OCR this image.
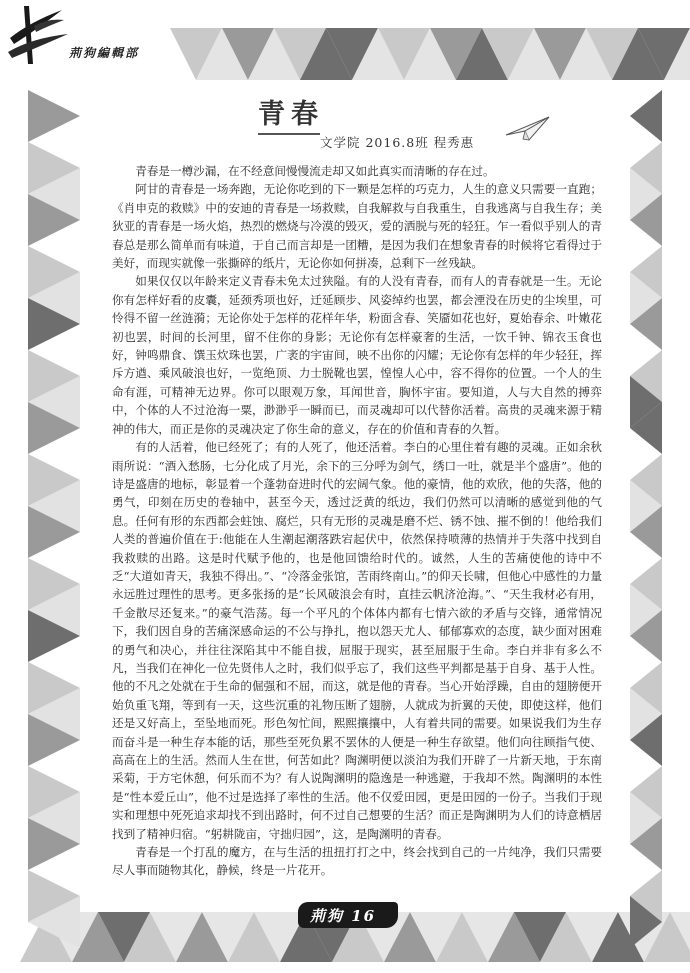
荊狗編輯部
青春
文学院 2016.8班 程秀惠

青春是一樽沙漏，在不经意间慢慢流走却又如此真实而清晰的存在过。

阿甘的青春是一场奔跑，无论你吃到的下一颗是怎样的巧克力，人生的意义只需要一直跑；《肖申克的救赎》中的安迪的青春是一场救赎，自我解救与自我重生，自我逃离与自我生存；美狄亚的青春是一场火焰，热烈的燃烧与冷漠的毁灭，爱的洒脱与死的轻狂。乍一看似乎别人的青春总是那么简单而有味道，于自己而言却是一团糟，是因为我们在想象青春的时候将它看得过于美好，而现实就像一张撕碎的纸片，无论你如何拼凑，总剩下一丝残缺。

如果仅仅以年龄来定义青春未免太过狭隘。有的人没有青春，而有人的青春就是一生。无论你有怎样好看的皮囊，延颈秀项也好，迁延顾步、风姿绰约也罢，都会湮没在历史的尘埃里，可怜得不留一丝涟漪；无论你处于怎样的花样年华，粉面含春、笑靥如花也好，夏始春余、叶嫩花初也罢，时间的长河里，留不住你的身影；无论你有怎样豪奢的生活，一饮千钟、锦衣玉食也好，钟鸣鼎食、馔玉炊珠也罢，广袤的宇宙间，映不出你的闪耀；无论你有怎样的年少轻狂，挥斥方遒、乘风破浪也好，一览绝顶、力士脱靴也罢，惶惶人心中，容不得你的位置。一个人的生命有涯，可精神无边界。你可以眼观万象，耳闻世音，胸怀宇宙。要知道，人与大自然的搏弈中，个体的人不过沧海一粟，渺渺乎一瞬而已，而灵魂却可以代替你活着。高贵的灵魂来源于精神的伟大，而正是你的灵魂决定了你生命的意义，存在的价值和青春的久暂。

有的人活着，他已经死了；有的人死了，他还活着。李白的心里住着有趣的灵魂。正如余秋雨所说：“酒入愁肠，七分化成了月光，余下的三分呼为剑气，绣口一吐，就是半个盛唐”。他的诗是盛唐的地标，彰显着一个蓬勃奋进时代的宏阔气象。他的豪情，他的欢欣，他的失落，他的勇气，印刻在历史的卷轴中，甚至今天，透过泛黄的纸边，我们仍然可以清晰的感觉到他的气息。任何有形的东西都会蛀蚀、腐烂，只有无形的灵魂是磨不烂、锈不蚀、摧不倒的！他给我们人类的普遍价值在于:他能在人生潮起潮落跌宕起伏中，依然保持喷薄的热情并于失落中找到自我救赎的出路。这是时代赋予他的，也是他回馈给时代的。诚然，人生的苦痛使他的诗中不乏“大道如青天，我独不得出。”、“冷落金张馆，苦雨终南山。”的仰天长啸，但他心中感性的力量永远胜过理性的思考。更多张扬的是“长风破浪会有时，直挂云帆济沧海。”、“天生我材必有用，千金散尽还复来。”的豪气浩荡。每一个平凡的个体体内都有七情六欲的矛盾与交锋，通常情况下，我们因自身的苦痛深感命运的不公与挣扎，抱以怨天尤人、郁郁寡欢的态度，缺少面对困难的勇气和决心，并往往深陷其中不能自拔，屈服于现实，甚至屈服于生命。李白并非有多么不凡，当我们在神化一位先贤伟人之时，我们似乎忘了，我们这些平判都是基于自身、基于人性。他的不凡之处就在于生命的倔强和不屈，而这，就是他的青春。当心开始浮躁，自由的翅膀便开始负重飞翔，等到有一天，这些沉重的礼物压断了翅膀，人就成为折翼的天使，即使这样，他们还是又好高上，至坠地而死。形色匆忙间，熙熙攘攘中，人有着共同的需要。如果说我们为生存而奋斗是一种生存本能的话，那些至死负累不罢休的人便是一种生存欲望。他们向往顾指气使、高高在上的生活。然而人生在世，何苦如此？陶渊明便以淡泊为我们开辟了一片新天地，于东南采菊，于方宅休憩，何乐而不为？有人说陶渊明的隐逸是一种逃避，于我却不然。陶渊明的本性是“性本爱丘山”，他不过是选择了率性的生活。他不仅爱田园，更是田园的一份子。当我们于现实和理想中死死追求却找不到出路时，何不过自己想要的生活？而正是陶渊明为人们的诗意栖居找到了精神归宿。“躬耕陇亩，守拙归园”，这，是陶渊明的青春。

青春是一个打乱的魔方，在与生活的扭扭打打之中，终会找到自己的一片纯净，我们只需要尽人事而随物其化，静候，终是一片花开。

荊狗 16
